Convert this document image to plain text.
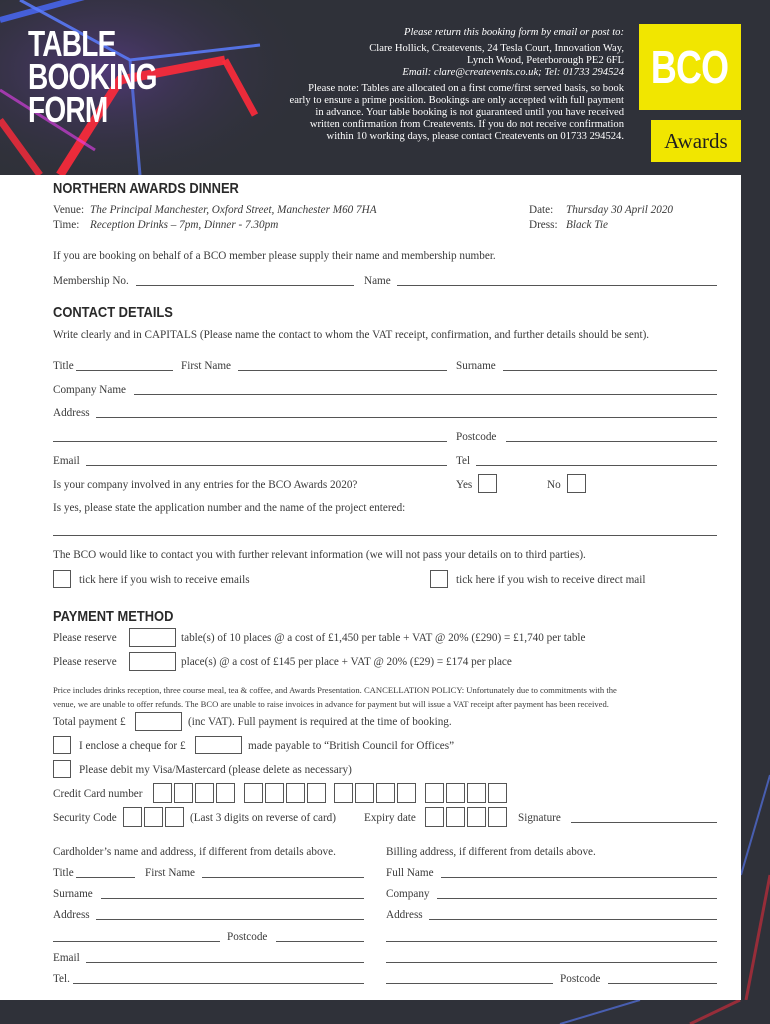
TABLE
BOOKING
FORM
Please return this booking form by email or post to:
Clare Hollick, Createvents, 24 Tesla Court, Innovation Way,
Lynch Wood, Peterborough PE2 6FL
Email: clare@createvents.co.uk; Tel: 01733 294524
Please note: Tables are allocated on a first come/first served basis, so book
early to ensure a prime position. Bookings are only accepted with full payment
in advance. Your table booking is not guaranteed until you have received
written confirmation from Createvents. If you do not receive confirmation
within 10 working days, please contact Createvents on 01733 294524.
BCO
Awards
NORTHERN AWARDS DINNER
Venue: The Principal Manchester, Oxford Street, Manchester M60 7HA
Time: Reception Drinks – 7pm, Dinner - 7.30pm
Date: Thursday 30 April 2020
Dress: Black Tie
If you are booking on behalf of a BCO member please supply their name and membership number.
Membership No.	Name
CONTACT DETAILS
Write clearly and in CAPITALS (Please name the contact to whom the VAT receipt, confirmation, and further details should be sent).
Title	First Name	Surname
Company Name
Address
Postcode
Email	Tel
Is your company involved in any entries for the BCO Awards 2020?	Yes	No
Is yes, please state the application number and the name of the project entered:
The BCO would like to contact you with further relevant information (we will not pass your details on to third parties).
tick here if you wish to receive emails	tick here if you wish to receive direct mail
PAYMENT METHOD
Please reserve	table(s) of 10 places @ a cost of £1,450 per table + VAT @ 20% (£290) = £1,740 per table
Please reserve	place(s) @ a cost of £145 per place + VAT @ 20% (£29) = £174 per place
Price includes drinks reception, three course meal, tea & coffee, and Awards Presentation. CANCELLATION POLICY: Unfortunately due to commitments with the
venue, we are unable to offer refunds. The BCO are unable to raise invoices in advance for payment but will issue a VAT receipt after payment has been received.
Total payment £	(inc VAT). Full payment is required at the time of booking.
I enclose a cheque for £	made payable to “British Council for Offices”
Please debit my Visa/Mastercard (please delete as necessary)
Credit Card number
Security Code	(Last 3 digits on reverse of card) Expiry date	Signature
Cardholder’s name and address, if different from details above.
Title	First Name
Surname
Address
Postcode
Email
Tel.
Billing address, if different from details above.
Full Name
Company
Address
Postcode
